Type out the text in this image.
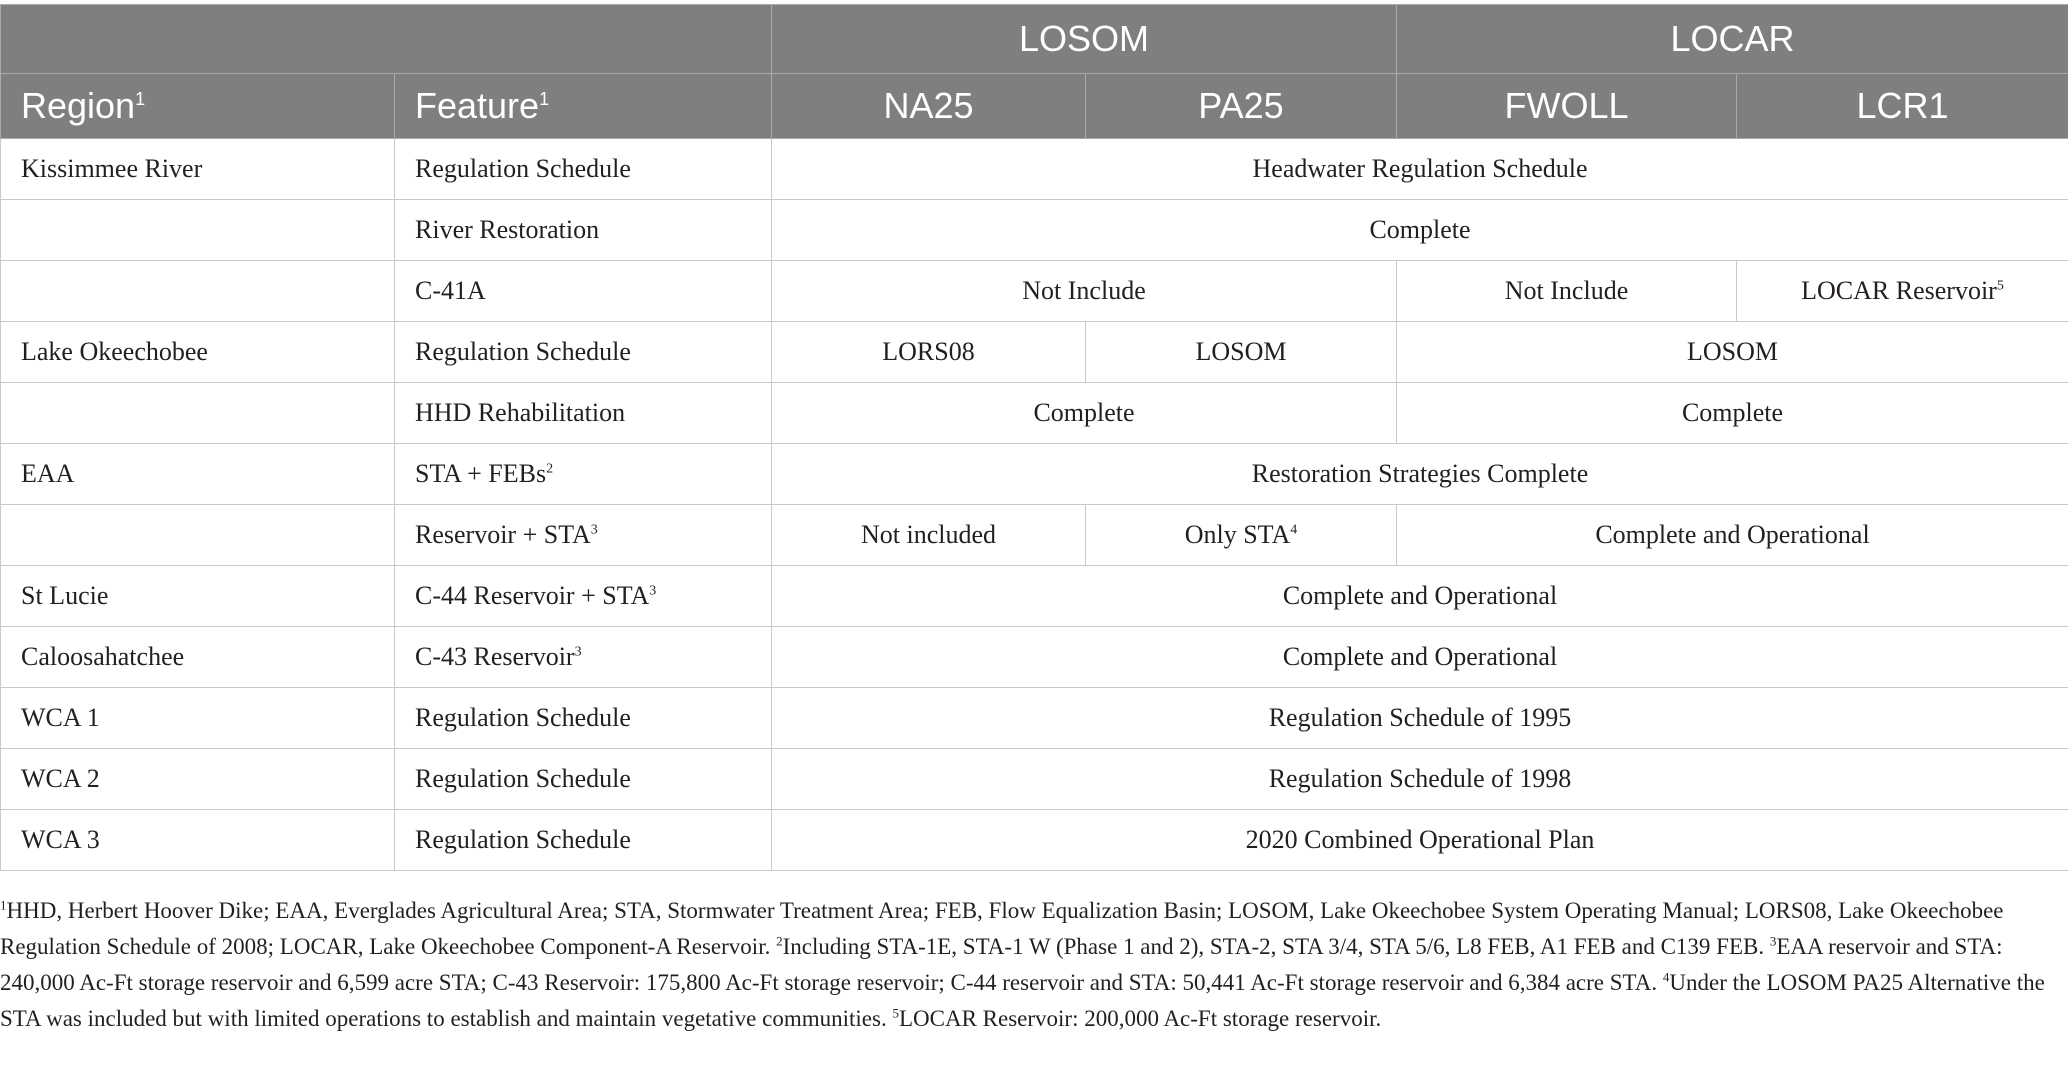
		LOSOM		LOCAR	
Region$^1$	Feature$^1$	NA25	PA25	FWOLL	LCR1
Kissimmee River	Regulation Schedule	Headwater Regulation Schedule			
	River Restoration	Complete			
	C-41A	Not Include		Not Include	LOCAR Reservoir$^5$
Lake Okeechobee	Regulation Schedule	LORS08	LOSOM	LOSOM	
	HHD Rehabilitation	Complete		Complete	
EAA	STA + FEBs$^2$	Restoration Strategies Complete			
	Reservoir + $STA^3$	Not included	Only STA$^4$	Complete and Operational	
St Lucie	C-44 Reservoir + $STA^3$	Complete and Operational			
Caloosahatchee	C-43 Reservoir$^3$	Complete and Operational			
WCA 1	Regulation Schedule	Regulation Schedule of 1995			
WCA 2	Regulation Schedule	Regulation Schedule of 1998			
WCA 3	Regulation Schedule	2020 Combined Operational Plan			
$^1$HHD, Herbert Hoover Dike; EAA, Everglades Agricultural Area; STA, Stormwater Treatment Area; FEB, Flow Equalization Basin; LOSOM, Lake Okeechobee System Operating Manual; LORS08, Lake Okeechobee Regulation Schedule of 2008; LOCAR, Lake Okeechobee Component-A Reservoir. $^2$Including STA-1E, STA-1 W (Phase 1 and 2), STA-2, STA 3/4, STA 5/6, L8 FEB, A1 FEB and C139 FEB. $^3$EAA reservoir and STA: 240,000 Ac-Ft storage reservoir and 6,599 acre STA; C-43 Reservoir: 175,800 Ac-Ft storage reservoir; C-44 reservoir and STA: 50,441 Ac-Ft storage reservoir and 6,384 acre STA. $^4$Under the LOSOM PA25 Alternative the STA was included but with limited operations to establish and maintain vegetative communities. $^5$LOCAR Reservoir: 200,000 Ac-Ft storage reservoir.
